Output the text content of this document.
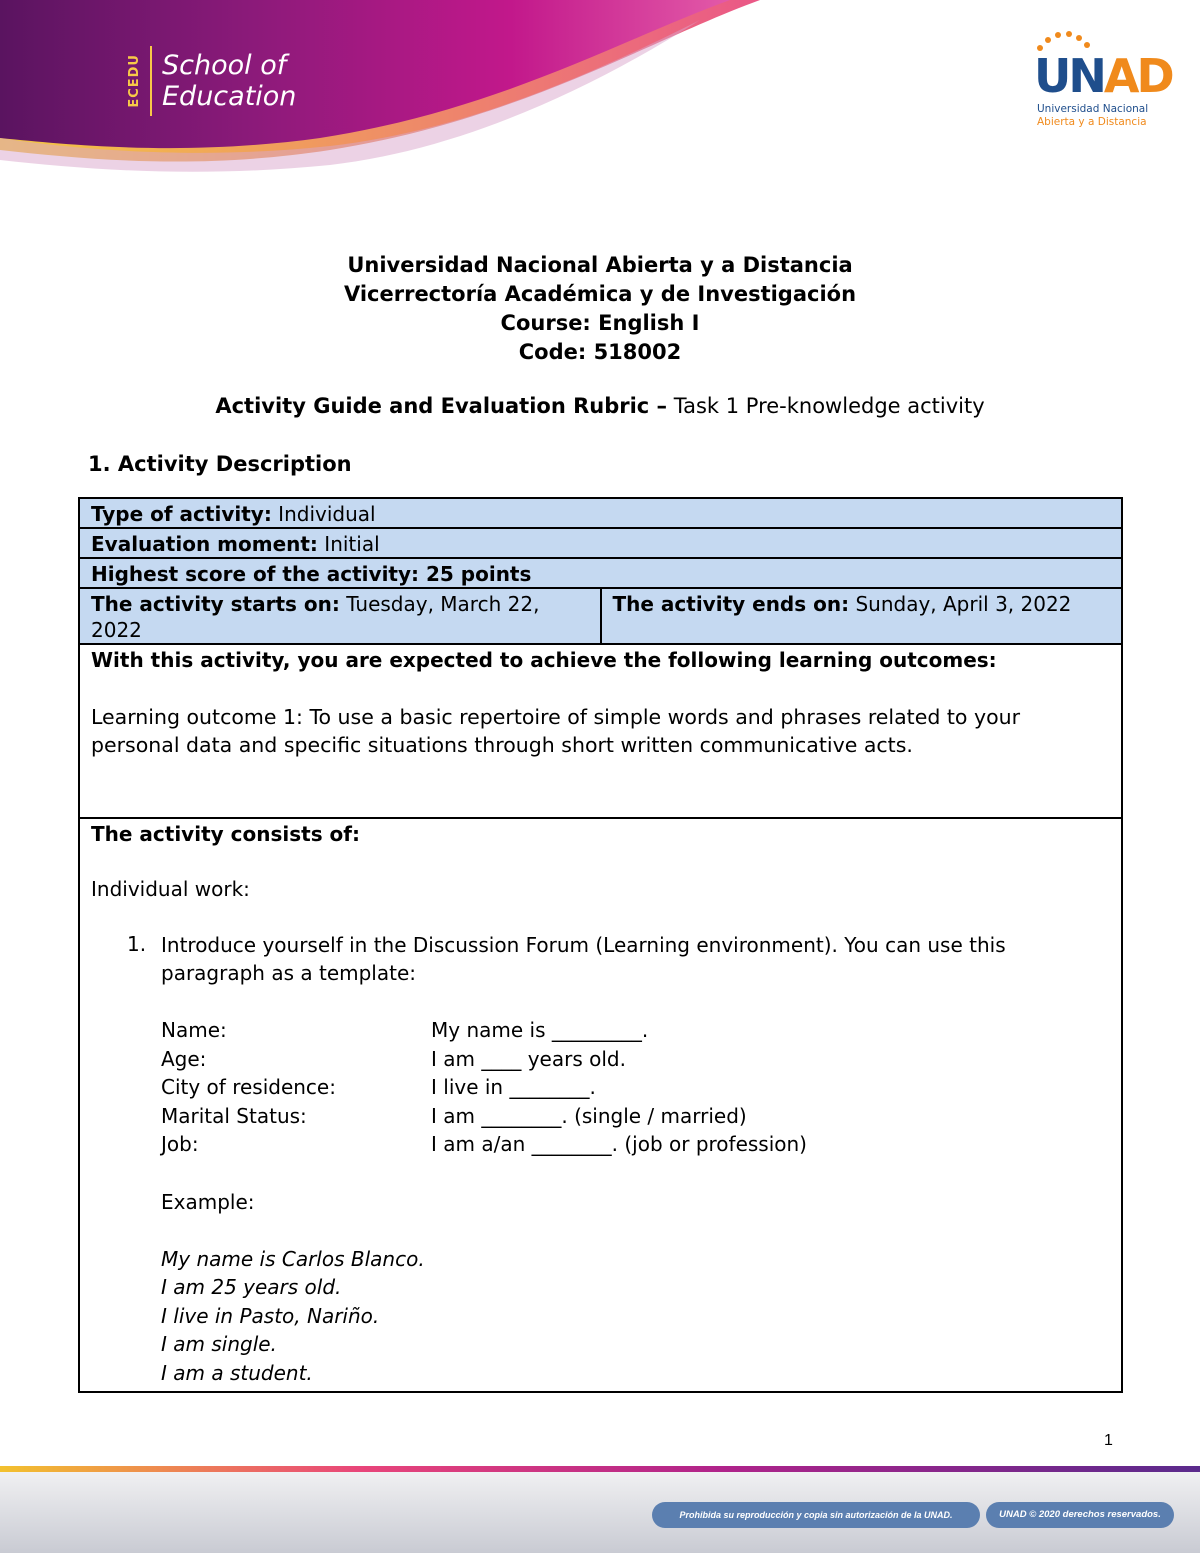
ECEDU School of
Education	UNAD
Universidad Nacional
Abierta y a Distancia
Universidad Nacional Abierta y a Distancia
Vicerrectoría Académica y de Investigación
Course: English I
Code: 518002
Activity Guide and Evaluation Rubric – Task 1 Pre-knowledge activity
1. Activity Description
Type of activity: Individual
Evaluation moment: Initial
Highest score of the activity: 25 points
The activity starts on: Tuesday, March 22, 2022	The activity ends on: Sunday, April 3, 2022
With this activity, you are expected to achieve the following learning outcomes:
Learning outcome 1: To use a basic repertoire of simple words and phrases related to your personal data and specific situations through short written communicative acts.

The activity consists of:

Individual work:

1. Introduce yourself in the Discussion Forum (Learning environment). You can use this paragraph as a template:
Name:	My name is _________.
Age:	I am ____ years old.
City of residence:	I live in ________.
Marital Status:	I am ________. (single / married)
Job:	I am a/an ________. (job or profession)
Example:
My name is Carlos Blanco.
I am 25 years old.
I live in Pasto, Nariño.
I am single.
I am a student.
1
Prohibida su reproducción y copia sin autorización de la UNAD.	UNAD © 2020 derechos reservados.
